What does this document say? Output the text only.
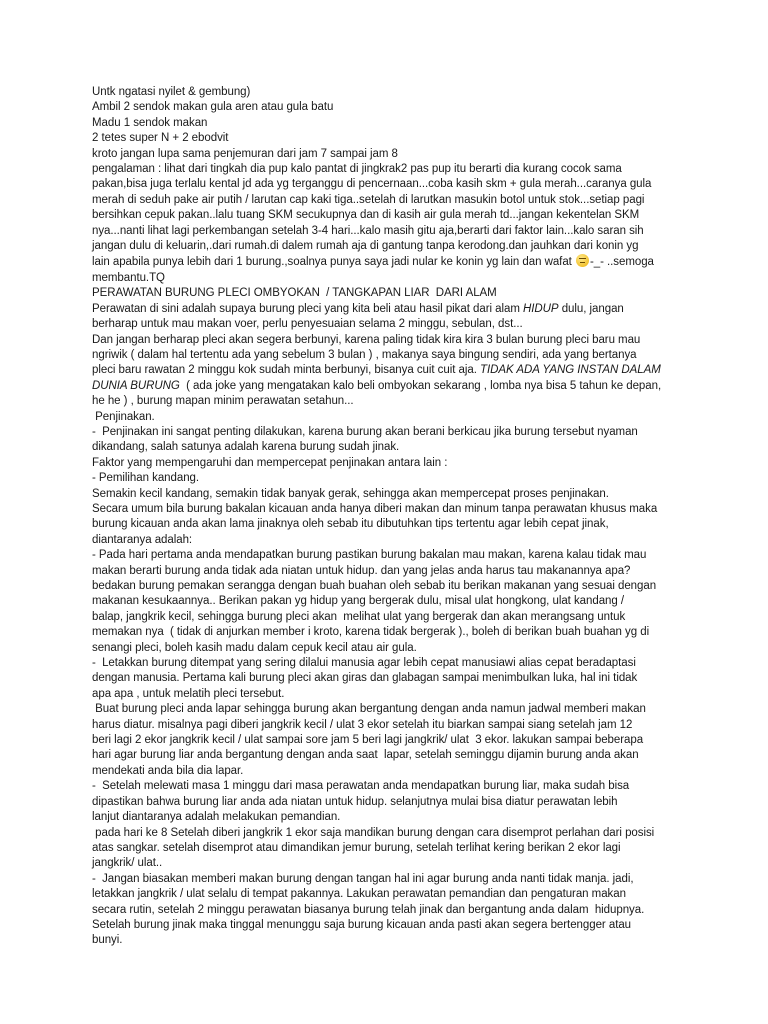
Untk ngatasi nyilet & gembung)
Ambil 2 sendok makan gula aren atau gula batu
Madu 1 sendok makan
2 tetes super N + 2 ebodvit
kroto jangan lupa sama penjemuran dari jam 7 sampai jam 8
pengalaman : lihat dari tingkah dia pup kalo pantat di jingkrak2 pas pup itu berarti dia kurang cocok sama
pakan,bisa juga terlalu kental jd ada yg terganggu di pencernaan...coba kasih skm + gula merah...caranya gula
merah di seduh pake air putih / larutan cap kaki tiga..setelah di larutkan masukin botol untuk stok...setiap pagi
bersihkan cepuk pakan..lalu tuang SKM secukupnya dan di kasih air gula merah td...jangan kekentelan SKM
nya...nanti lihat lagi perkembangan setelah 3-4 hari...kalo masih gitu aja,berarti dari faktor lain...kalo saran sih
jangan dulu di keluarin,.dari rumah.di dalem rumah aja di gantung tanpa kerodong.dan jauhkan dari konin yg
lain apabila punya lebih dari 1 burung.,soalnya punya saya jadi nular ke konin yg lain dan wafat -_- ..semoga
membantu.TQ
PERAWATAN BURUNG PLECI OMBYOKAN  / TANGKAPAN LIAR  DARI ALAM
Perawatan di sini adalah supaya burung pleci yang kita beli atau hasil pikat dari alam HIDUP dulu, jangan
berharap untuk mau makan voer, perlu penyesuaian selama 2 minggu, sebulan, dst...
Dan jangan berharap pleci akan segera berbunyi, karena paling tidak kira kira 3 bulan burung pleci baru mau
ngriwik ( dalam hal tertentu ada yang sebelum 3 bulan ) , makanya saya bingung sendiri, ada yang bertanya
pleci baru rawatan 2 minggu kok sudah minta berbunyi, bisanya cuit cuit aja. TIDAK ADA YANG INSTAN DALAM
DUNIA BURUNG  ( ada joke yang mengatakan kalo beli ombyokan sekarang , lomba nya bisa 5 tahun ke depan,
he he ) , burung mapan minim perawatan setahun...
Penjinakan.
-  Penjinakan ini sangat penting dilakukan, karena burung akan berani berkicau jika burung tersebut nyaman
dikandang, salah satunya adalah karena burung sudah jinak.
Faktor yang mempengaruhi dan mempercepat penjinakan antara lain :
- Pemilihan kandang.
Semakin kecil kandang, semakin tidak banyak gerak, sehingga akan mempercepat proses penjinakan.
Secara umum bila burung bakalan kicauan anda hanya diberi makan dan minum tanpa perawatan khusus maka
burung kicauan anda akan lama jinaknya oleh sebab itu dibutuhkan tips tertentu agar lebih cepat jinak,
diantaranya adalah:
- Pada hari pertama anda mendapatkan burung pastikan burung bakalan mau makan, karena kalau tidak mau
makan berarti burung anda tidak ada niatan untuk hidup. dan yang jelas anda harus tau makanannya apa?
bedakan burung pemakan serangga dengan buah buahan oleh sebab itu berikan makanan yang sesuai dengan
makanan kesukaannya.. Berikan pakan yg hidup yang bergerak dulu, misal ulat hongkong, ulat kandang /
balap, jangkrik kecil, sehingga burung pleci akan  melihat ulat yang bergerak dan akan merangsang untuk
memakan nya  ( tidak di anjurkan member i kroto, karena tidak bergerak )., boleh di berikan buah buahan yg di
senangi pleci, boleh kasih madu dalam cepuk kecil atau air gula.
-  Letakkan burung ditempat yang sering dilalui manusia agar lebih cepat manusiawi alias cepat beradaptasi
dengan manusia. Pertama kali burung pleci akan giras dan glabagan sampai menimbulkan luka, hal ini tidak
apa apa , untuk melatih pleci tersebut.
Buat burung pleci anda lapar sehingga burung akan bergantung dengan anda namun jadwal memberi makan
harus diatur. misalnya pagi diberi jangkrik kecil / ulat 3 ekor setelah itu biarkan sampai siang setelah jam 12
beri lagi 2 ekor jangkrik kecil / ulat sampai sore jam 5 beri lagi jangkrik/ ulat  3 ekor. lakukan sampai beberapa
hari agar burung liar anda bergantung dengan anda saat  lapar, setelah seminggu dijamin burung anda akan
mendekati anda bila dia lapar.
-  Setelah melewati masa 1 minggu dari masa perawatan anda mendapatkan burung liar, maka sudah bisa
dipastikan bahwa burung liar anda ada niatan untuk hidup. selanjutnya mulai bisa diatur perawatan lebih
lanjut diantaranya adalah melakukan pemandian.
pada hari ke 8 Setelah diberi jangkrik 1 ekor saja mandikan burung dengan cara disemprot perlahan dari posisi
atas sangkar. setelah disemprot atau dimandikan jemur burung, setelah terlihat kering berikan 2 ekor lagi
jangkrik/ ulat..
-  Jangan biasakan memberi makan burung dengan tangan hal ini agar burung anda nanti tidak manja. jadi,
letakkan jangkrik / ulat selalu di tempat pakannya. Lakukan perawatan pemandian dan pengaturan makan
secara rutin, setelah 2 minggu perawatan biasanya burung telah jinak dan bergantung anda dalam  hidupnya.
Setelah burung jinak maka tinggal menunggu saja burung kicauan anda pasti akan segera bertengger atau
bunyi.
